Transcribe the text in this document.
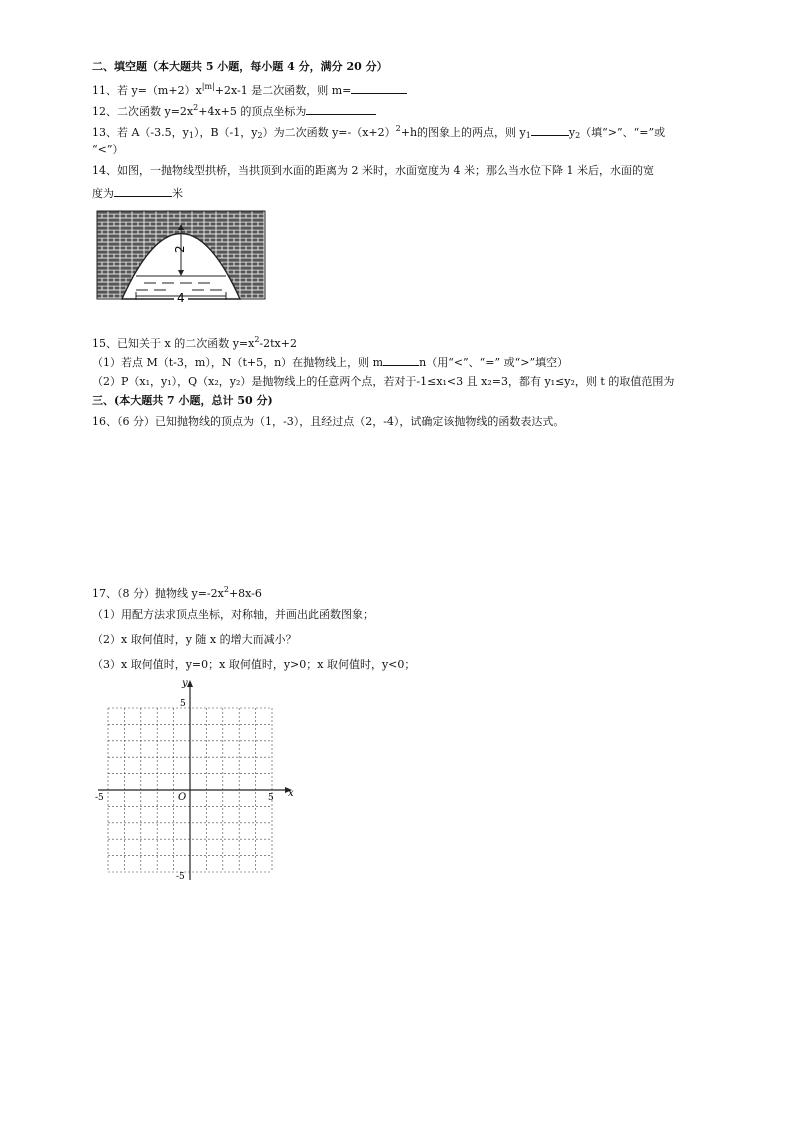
二、填空题（本大题共 5 小题，每小题 4 分，满分 20 分）
11、若 $y=(m+2)x^{|m|}+2x-1$ 是二次函数，则 m=
12、二次函数 $y=2x^2+4x+5$ 的顶点坐标为
13、若 A（-3.5，$y_1$），B（-1，$y_2$）为二次函数 $y=-(x+2)^2+h$的图象上的两点，则 $y_1$	$y_2$（填“>”、“=”或
“<”）
14、如图，一抛物线型拱桥，当拱顶到水面的距离为 2 米时，水面宽度为 4 米；那么当水位下降 1 米后，水面的宽
度为	米
2
4
15、已知关于 x 的二次函数 $y=x^2-2tx+2$
（1）若点 M（t-3，m），N（t+5，n）在抛物线上，则 m	n（用“<”、“=” 或“>”填空）
（2）P（x₁，y₁），Q（x₂，y₂）是抛物线上的任意两个点，若对于-1≤x₁<3 且 x₂=3，都有 y₁≤y₂，则 t 的取值范围为
三、(本大题共 7 小题，总计 50 分)
16、（6 分）已知抛物线的顶点为（1，-3），且经过点（2，-4），试确定该抛物线的函数表达式。
17、（8 分）抛物线 $y=-2x^2+8x-6$
（1）用配方法求顶点坐标，对称轴，并画出此函数图象；
（2）x 取何值时，y 随 x 的增大而减小？
（3）x 取何值时，y=0；x 取何值时，y>0；x 取何值时，y<0；
y
x
O
5
-5
-5	5
